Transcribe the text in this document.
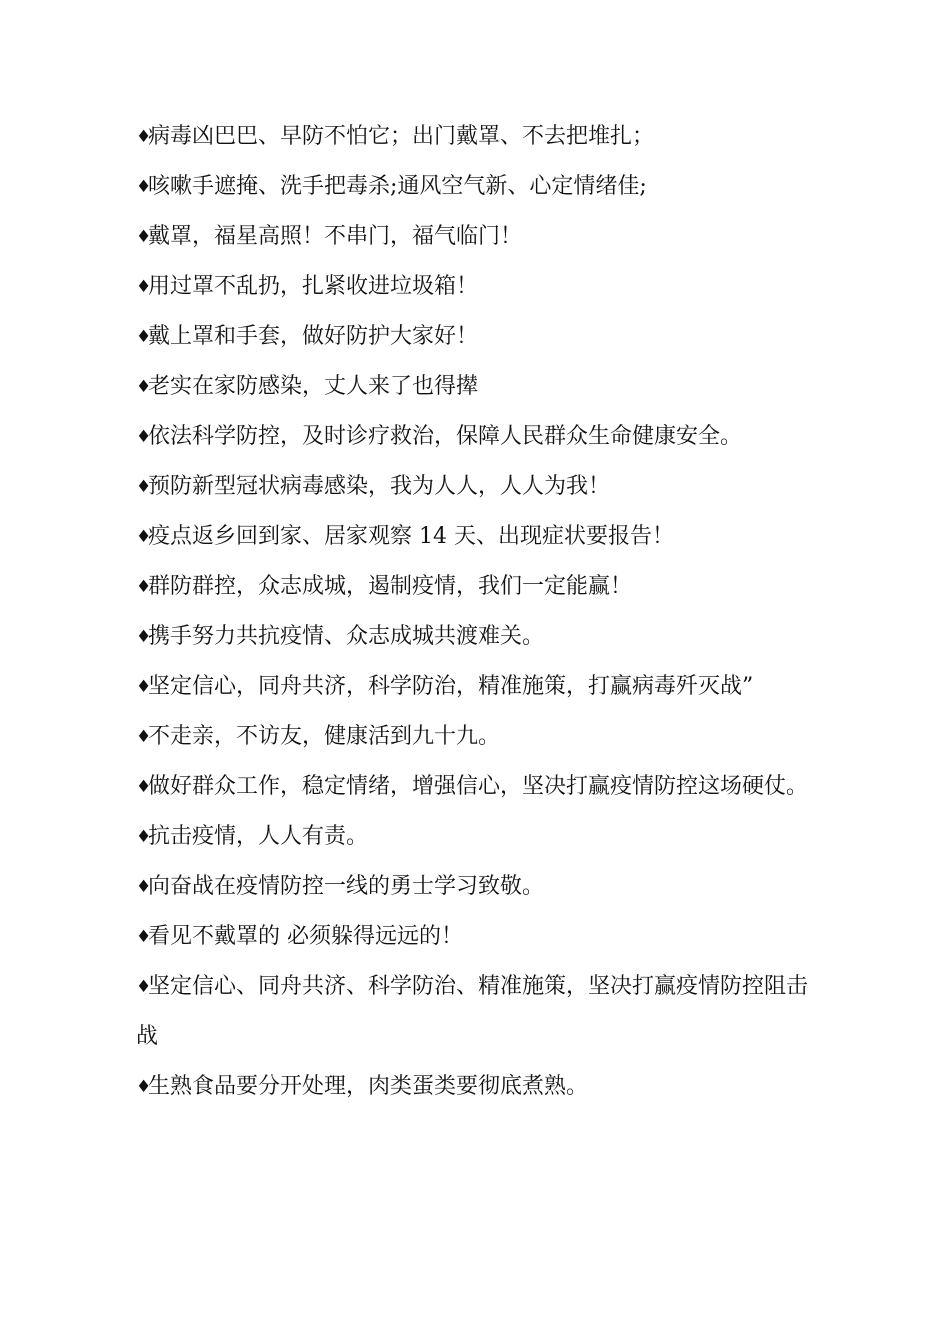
♦病毒凶巴巴、早防不怕它；出门戴罩、不去把堆扎；

♦咳嗽手遮掩、洗手把毒杀;通风空气新、心定情绪佳;

♦戴罩，福星高照！不串门，福气临门！

♦用过罩不乱扔，扎紧收进垃圾箱！

♦戴上罩和手套，做好防护大家好！

♦老实在家防感染，丈人来了也得撵

♦依法科学防控，及时诊疗救治，保障人民群众生命健康安全。

♦预防新型冠状病毒感染，我为人人，人人为我！

♦疫点返乡回到家、居家观察 14 天、出现症状要报告！

♦群防群控，众志成城，遏制疫情，我们一定能赢！

♦携手努力共抗疫情、众志成城共渡难关。

♦坚定信心，同舟共济，科学防治，精准施策，打赢病毒歼灭战”

♦不走亲，不访友，健康活到九十九。

♦做好群众工作，稳定情绪，增强信心，坚决打赢疫情防控这场硬仗。

♦抗击疫情，人人有责。

♦向奋战在疫情防控一线的勇士学习致敬。

♦看见不戴罩的 必须躲得远远的！

♦坚定信心、同舟共济、科学防治、精准施策，坚决打赢疫情防控阻击战

♦生熟食品要分开处理，肉类蛋类要彻底煮熟。
